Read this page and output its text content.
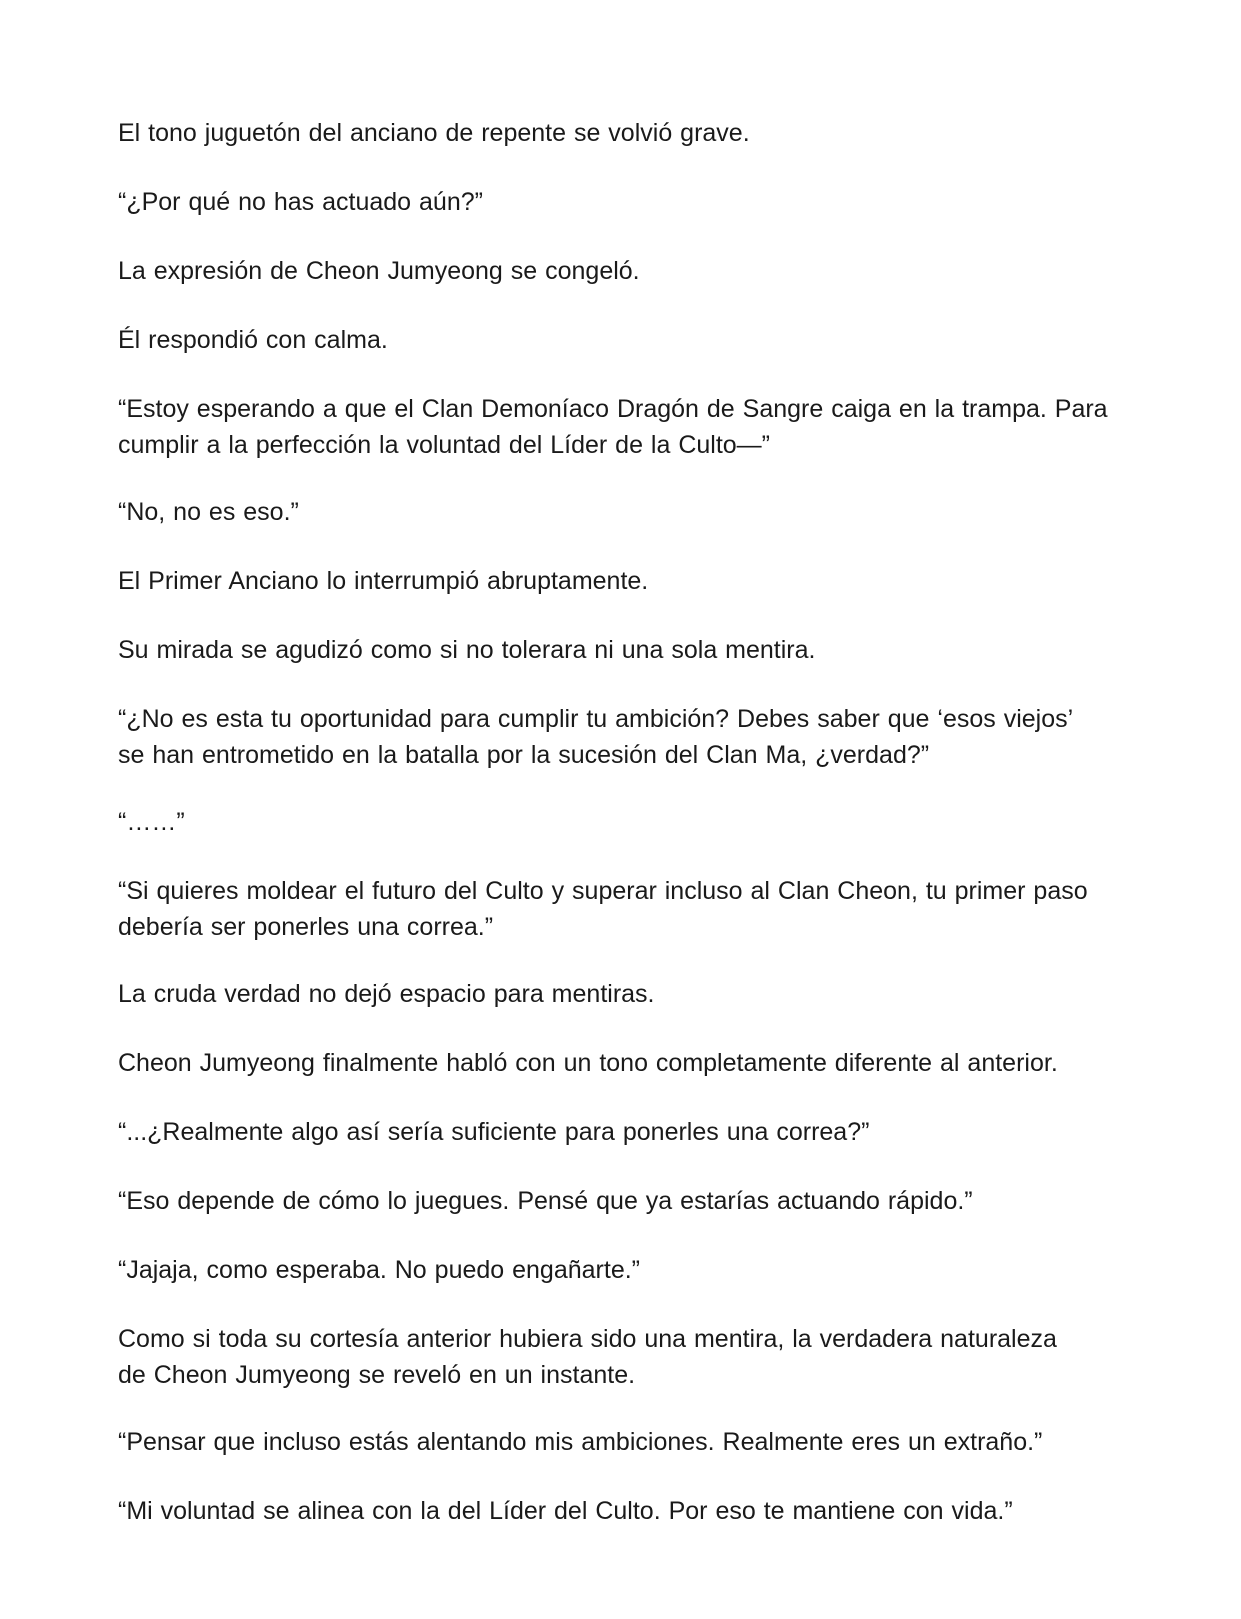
El tono juguetón del anciano de repente se volvió grave.

“¿Por qué no has actuado aún?”

La expresión de Cheon Jumyeong se congeló.

Él respondió con calma.

“Estoy esperando a que el Clan Demoníaco Dragón de Sangre caiga en la trampa. Para
cumplir a la perfección la voluntad del Líder de la Culto—”

“No, no es eso.”

El Primer Anciano lo interrumpió abruptamente.

Su mirada se agudizó como si no tolerara ni una sola mentira.

“¿No es esta tu oportunidad para cumplir tu ambición? Debes saber que ‘esos viejos’
se han entrometido en la batalla por la sucesión del Clan Ma, ¿verdad?”

“……”

“Si quieres moldear el futuro del Culto y superar incluso al Clan Cheon, tu primer paso
debería ser ponerles una correa.”

La cruda verdad no dejó espacio para mentiras.

Cheon Jumyeong finalmente habló con un tono completamente diferente al anterior.

“...¿Realmente algo así sería suficiente para ponerles una correa?”

“Eso depende de cómo lo juegues. Pensé que ya estarías actuando rápido.”

“Jajaja, como esperaba. No puedo engañarte.”

Como si toda su cortesía anterior hubiera sido una mentira, la verdadera naturaleza
de Cheon Jumyeong se reveló en un instante.

“Pensar que incluso estás alentando mis ambiciones. Realmente eres un extraño.”

“Mi voluntad se alinea con la del Líder del Culto. Por eso te mantiene con vida.”
